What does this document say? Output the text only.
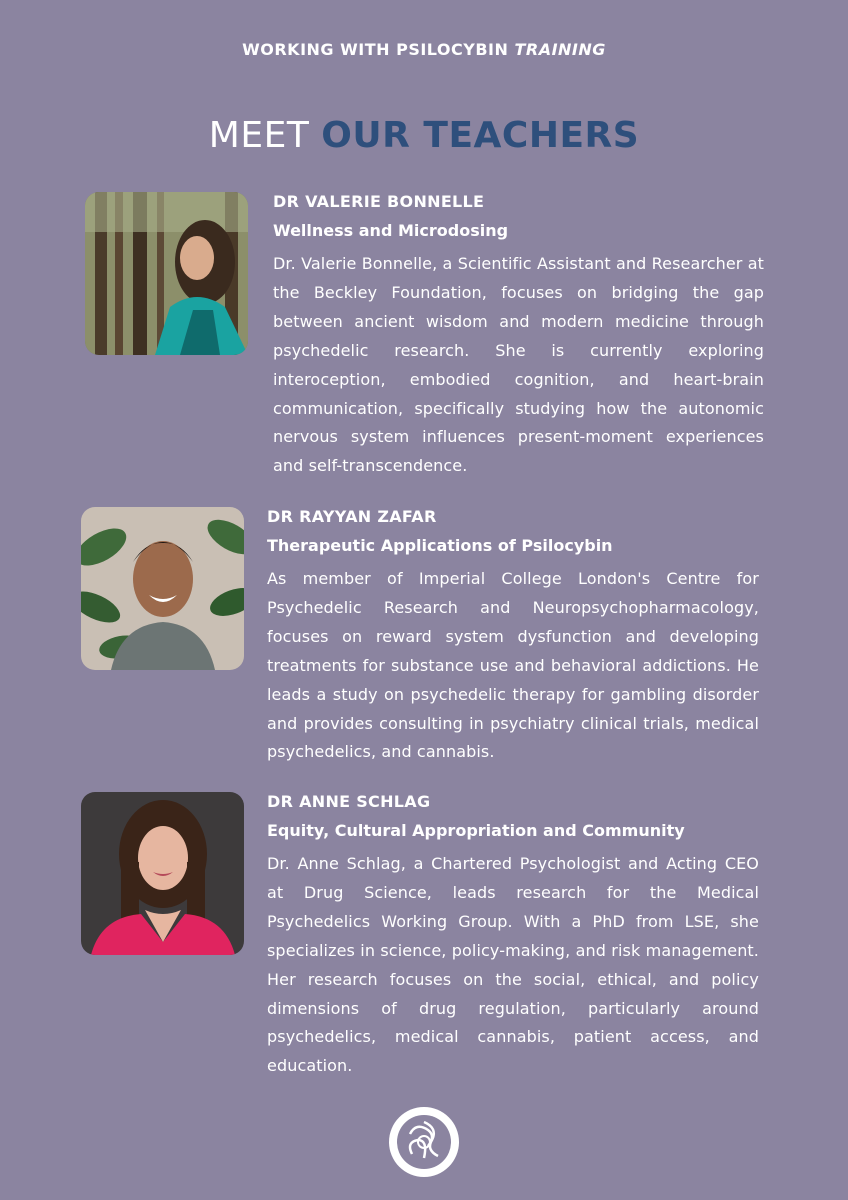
WORKING WITH PSILOCYBIN TRAINING
MEET OUR TEACHERS
DR VALERIE BONNELLE
Wellness and Microdosing

Dr. Valerie Bonnelle, a Scientific Assistant and Researcher at the Beckley Foundation, focuses on bridging the gap between ancient wisdom and modern medicine through psychedelic research. She is currently exploring interoception, embodied cognition, and heart-brain communication, specifically studying how the autonomic nervous system influences present-moment experiences and self-transcendence.

DR RAYYAN ZAFAR
Therapeutic Applications of Psilocybin

As member of Imperial College London's Centre for Psychedelic Research and Neuropsychopharmacology, focuses on reward system dysfunction and developing treatments for substance use and behavioral addictions. He leads a study on psychedelic therapy for gambling disorder and provides consulting in psychiatry clinical trials, medical psychedelics, and cannabis.

DR ANNE SCHLAG
Equity, Cultural Appropriation and Community

Dr. Anne Schlag, a Chartered Psychologist and Acting CEO at Drug Science, leads research for the Medical Psychedelics Working Group. With a PhD from LSE, she specializes in science, policy-making, and risk management. Her research focuses on the social, ethical, and policy dimensions of drug regulation, particularly around psychedelics, medical cannabis, patient access, and education.
